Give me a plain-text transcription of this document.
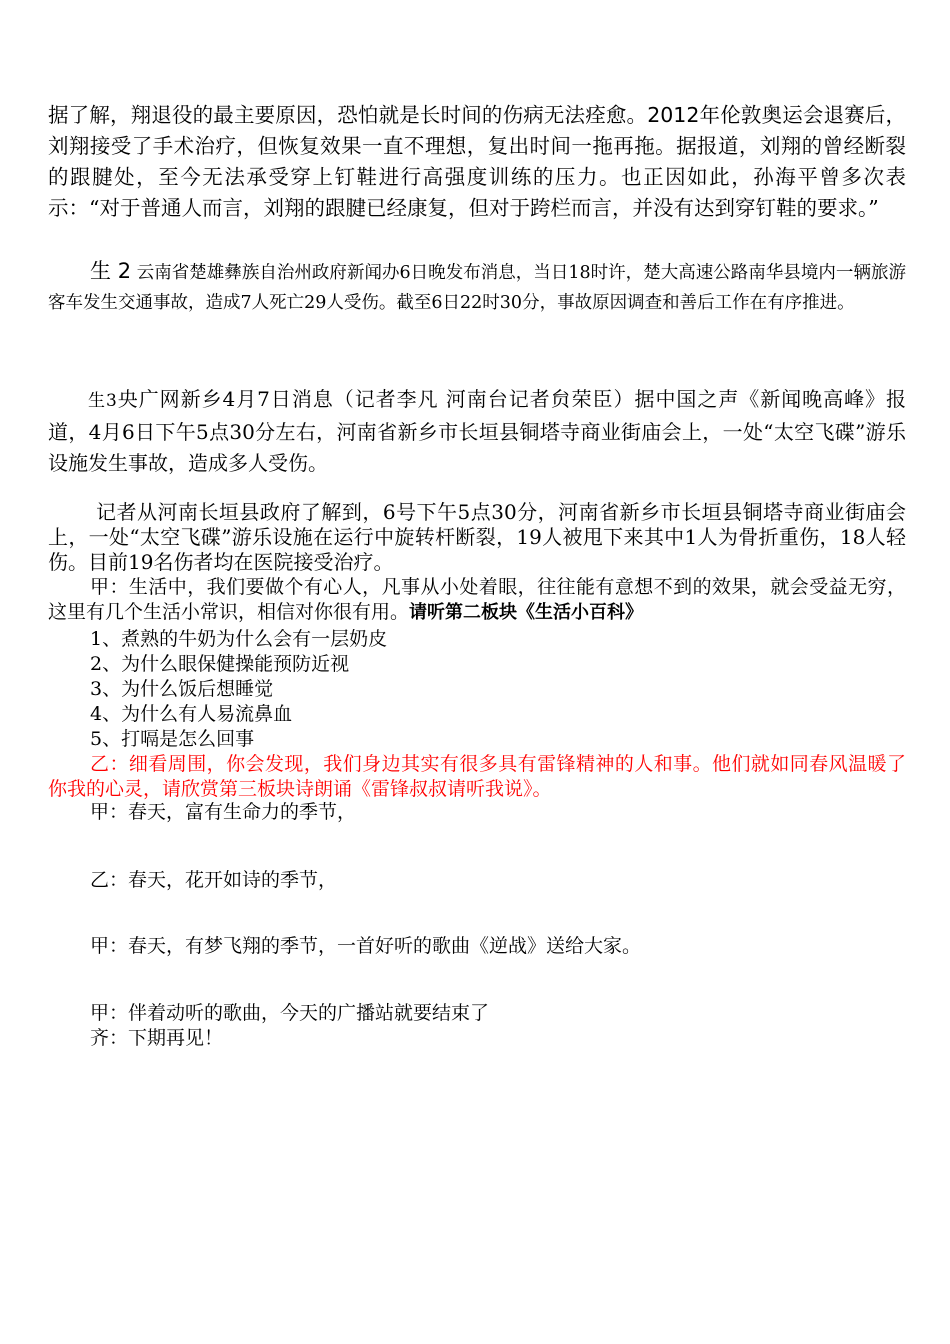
据了解，翔退役的最主要原因，恐怕就是长时间的伤病无法痊愈。2012年伦敦奥运会退赛后，刘翔接受了手术治疗，但恢复效果一直不理想，复出时间一拖再拖。据报道，刘翔的曾经断裂的跟腱处，至今无法承受穿上钉鞋进行高强度训练的压力。也正因如此，孙海平曾多次表示：“对于普通人而言，刘翔的跟腱已经康复，但对于跨栏而言，并没有达到穿钉鞋的要求。”

生 2 云南省楚雄彝族自治州政府新闻办6日晚发布消息，当日18时许，楚大高速公路南华县境内一辆旅游客车发生交通事故，造成7人死亡29人受伤。截至6日22时30分，事故原因调查和善后工作在有序推进。

生3央广网新乡4月7日消息（记者李凡 河南台记者贠荣臣）据中国之声《新闻晚高峰》报道，4月6日下午5点30分左右，河南省新乡市长垣县铜塔寺商业街庙会上，一处“太空飞碟”游乐设施发生事故，造成多人受伤。

记者从河南长垣县政府了解到，6号下午5点30分，河南省新乡市长垣县铜塔寺商业街庙会上，一处“太空飞碟”游乐设施在运行中旋转杆断裂，19人被甩下来其中1人为骨折重伤，18人轻伤。目前19名伤者均在医院接受治疗。

甲：生活中，我们要做个有心人，凡事从小处着眼，往往能有意想不到的效果，就会受益无穷，这里有几个生活小常识，相信对你很有用。请听第二板块《生活小百科》

1、煮熟的牛奶为什么会有一层奶皮
2、为什么眼保健操能预防近视
3、为什么饭后想睡觉
4、为什么有人易流鼻血
5、打嗝是怎么回事

乙：细看周围，你会发现，我们身边其实有很多具有雷锋精神的人和事。他们就如同春风温暖了你我的心灵，请欣赏第三板块诗朗诵《雷锋叔叔请听我说》。

甲：春天，富有生命力的季节，

乙：春天，花开如诗的季节，

甲：春天，有梦飞翔的季节，一首好听的歌曲《逆战》送给大家。

甲：伴着动听的歌曲，今天的广播站就要结束了

齐：下期再见！
